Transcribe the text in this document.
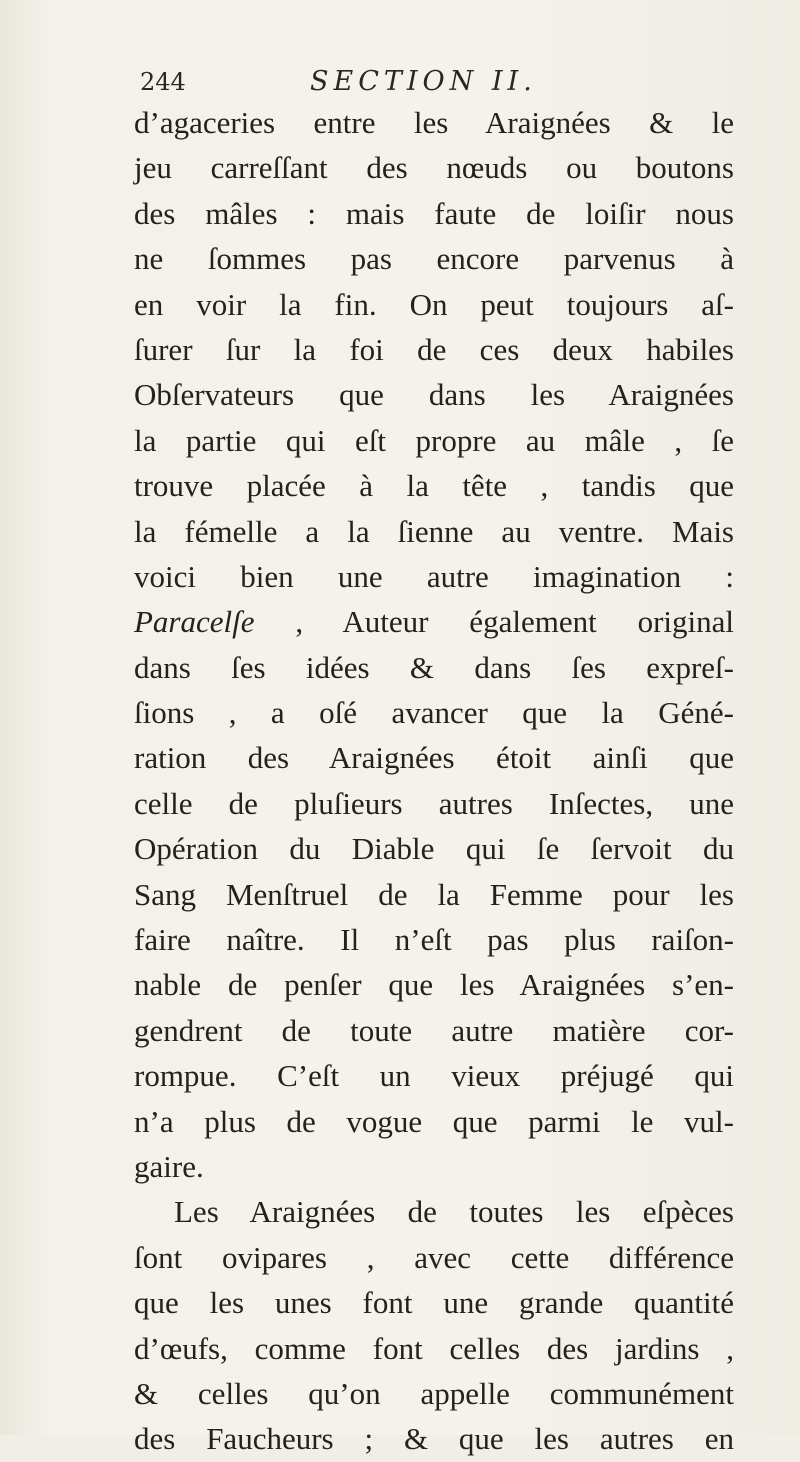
244	SECTION II.
d’agaceries entre les Araignées & le
jeu carreſſant des nœuds ou boutons
des mâles : mais faute de loiſir nous
ne ſommes pas encore parvenus à
en voir la fin. On peut toujours aſ-
ſurer ſur la foi de ces deux habiles
Obſervateurs que dans les Araignées
la partie qui eſt propre au mâle , ſe
trouve placée à la tête , tandis que
la fémelle a la ſienne au ventre. Mais
voici bien une autre imagination :
Paracelſe , Auteur également original
dans ſes idées & dans ſes expreſ-
ſions , a oſé avancer que la Géné-
ration des Araignées étoit ainſi que
celle de pluſieurs autres Inſectes, une
Opération du Diable qui ſe ſervoit du
Sang Menſtruel de la Femme pour les
faire naître. Il n’eſt pas plus raiſon-
nable de penſer que les Araignées s’en-
gendrent de toute autre matière cor-
rompue. C’eſt un vieux préjugé qui
n’a plus de vogue que parmi le vul-
gaire.
Les Araignées de toutes les eſpèces
ſont ovipares , avec cette différence
que les unes font une grande quantité
d’œufs, comme font celles des jardins ,
& celles qu’on appelle communément
des Faucheurs ; & que les autres en
